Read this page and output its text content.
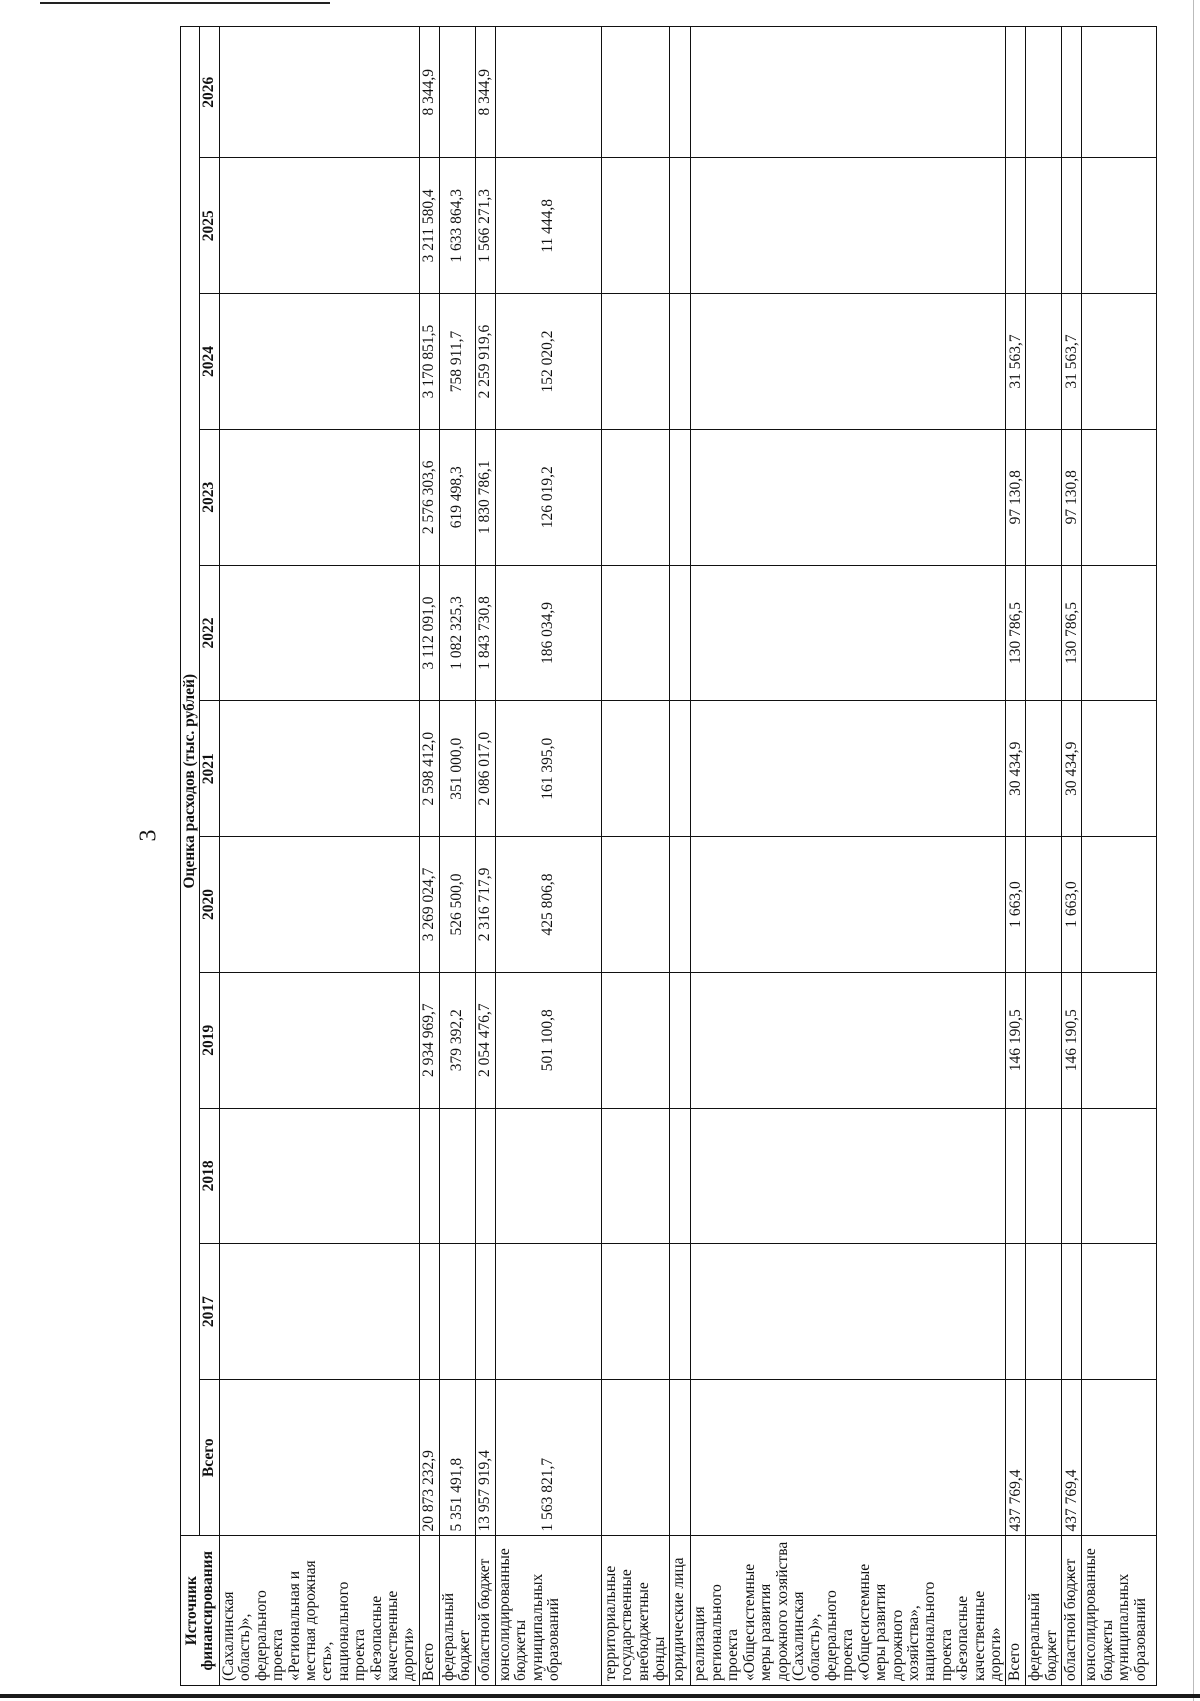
3
Источник финансирования	Оценка расходов (тыс. рублей)										
	Всего	2017	2018	2019	2020	2021	2022	2023	2024	2025	2026
(Сахалинская область)», федерального проекта «Региональная и местная дорожная сеть», национального проекта «Безопасные качественные дороги»											
Всего	20 873 232,9			2 934 969,7	3 269 024,7	2 598 412,0	3 112 091,0	2 576 303,6	3 170 851,5	3 211 580,4	8 344,9
федеральный бюджет	5 351 491,8			379 392,2	526 500,0	351 000,0	1 082 325,3	619 498,3	758 911,7	1 633 864,3	
областной бюджет	13 957 919,4			2 054 476,7	2 316 717,9	2 086 017,0	1 843 730,8	1 830 786,1	2 259 919,6	1 566 271,3	8 344,9
консолидированные бюджеты муниципальных образований	1 563 821,7			501 100,8	425 806,8	161 395,0	186 034,9	126 019,2	152 020,2	11 444,8	
территориальные государственные внебюджетные фонды											
юридические лица											
реализация регионального проекта «Общесистемные меры развития дорожного хозяйства (Сахалинская область)», федерального проекта «Общесистемные меры развития дорожного хозяйства», национального проекта «Безопасные качественные дороги»											
Всего	437 769,4			146 190,5	1 663,0	30 434,9	130 786,5	97 130,8	31 563,7		
федеральный бюджет											
областной бюджет	437 769,4			146 190,5	1 663,0	30 434,9	130 786,5	97 130,8	31 563,7		
консолидированные бюджеты муниципальных образований											
